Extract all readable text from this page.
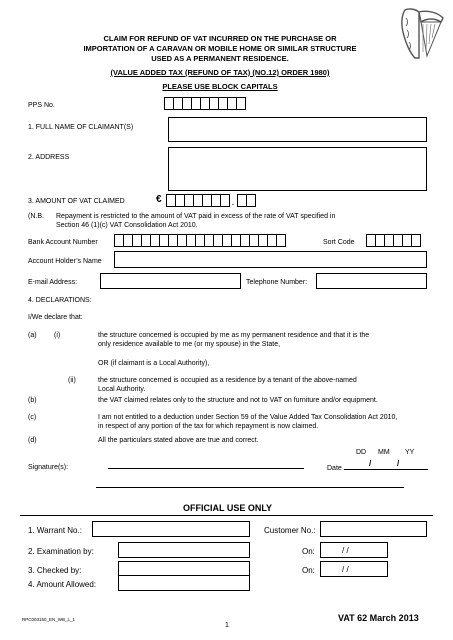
CLAIM FOR REFUND OF VAT INCURRED ON THE PURCHASE OR
IMPORTATION OF A CARAVAN OR MOBILE HOME OR SIMILAR STRUCTURE
USED AS A PERMANENT RESIDENCE.
(VALUE ADDED TAX (REFUND OF TAX) (NO.12) ORDER 1980)
PLEASE USE BLOCK CAPITALS
PPS No.
1. FULL NAME OF CLAIMANT(S)
2. ADDRESS
3. AMOUNT OF VAT CLAIMED	€	.
(N.B. Repayment is restricted to the amount of VAT paid in excess of the rate of VAT specified in
Section 46 (1)(c) VAT Consolidation Act 2010.
Bank Account Number	Sort Code
Account Holder’s Name
E-mail Address:	Telephone Number:
4. DECLARATIONS:
I/We declare that:
(a) (i)	the structure concerned is occupied by me as my permanent residence and that it is the
only residence available to me (or my spouse) in the State,
OR (if claimant is a Local Authority),
(ii)	the structure concerned is occupied as a residence by a tenant of the above-named
Local Authority.
(b)	the VAT claimed relates only to the structure and not to VAT on furniture and/or equipment.
(c)	I am not entitled to a deduction under Section 59 of the Value Added Tax Consolidation Act 2010,
in respect of any portion of the tax for which repayment is now claimed.
(d)	All the particulars stated above are true and correct.
DD MM YY
Signature(s):	Date
/	/
OFFICIAL USE ONLY
1. Warrant No.:	Customer No.:
2. Examination by:	On:	/ /
3. Checked by:	On:	/ /
4. Amount Allowed:
RPC003150_EN_WB_L_1
1
VAT 62 March 2013
